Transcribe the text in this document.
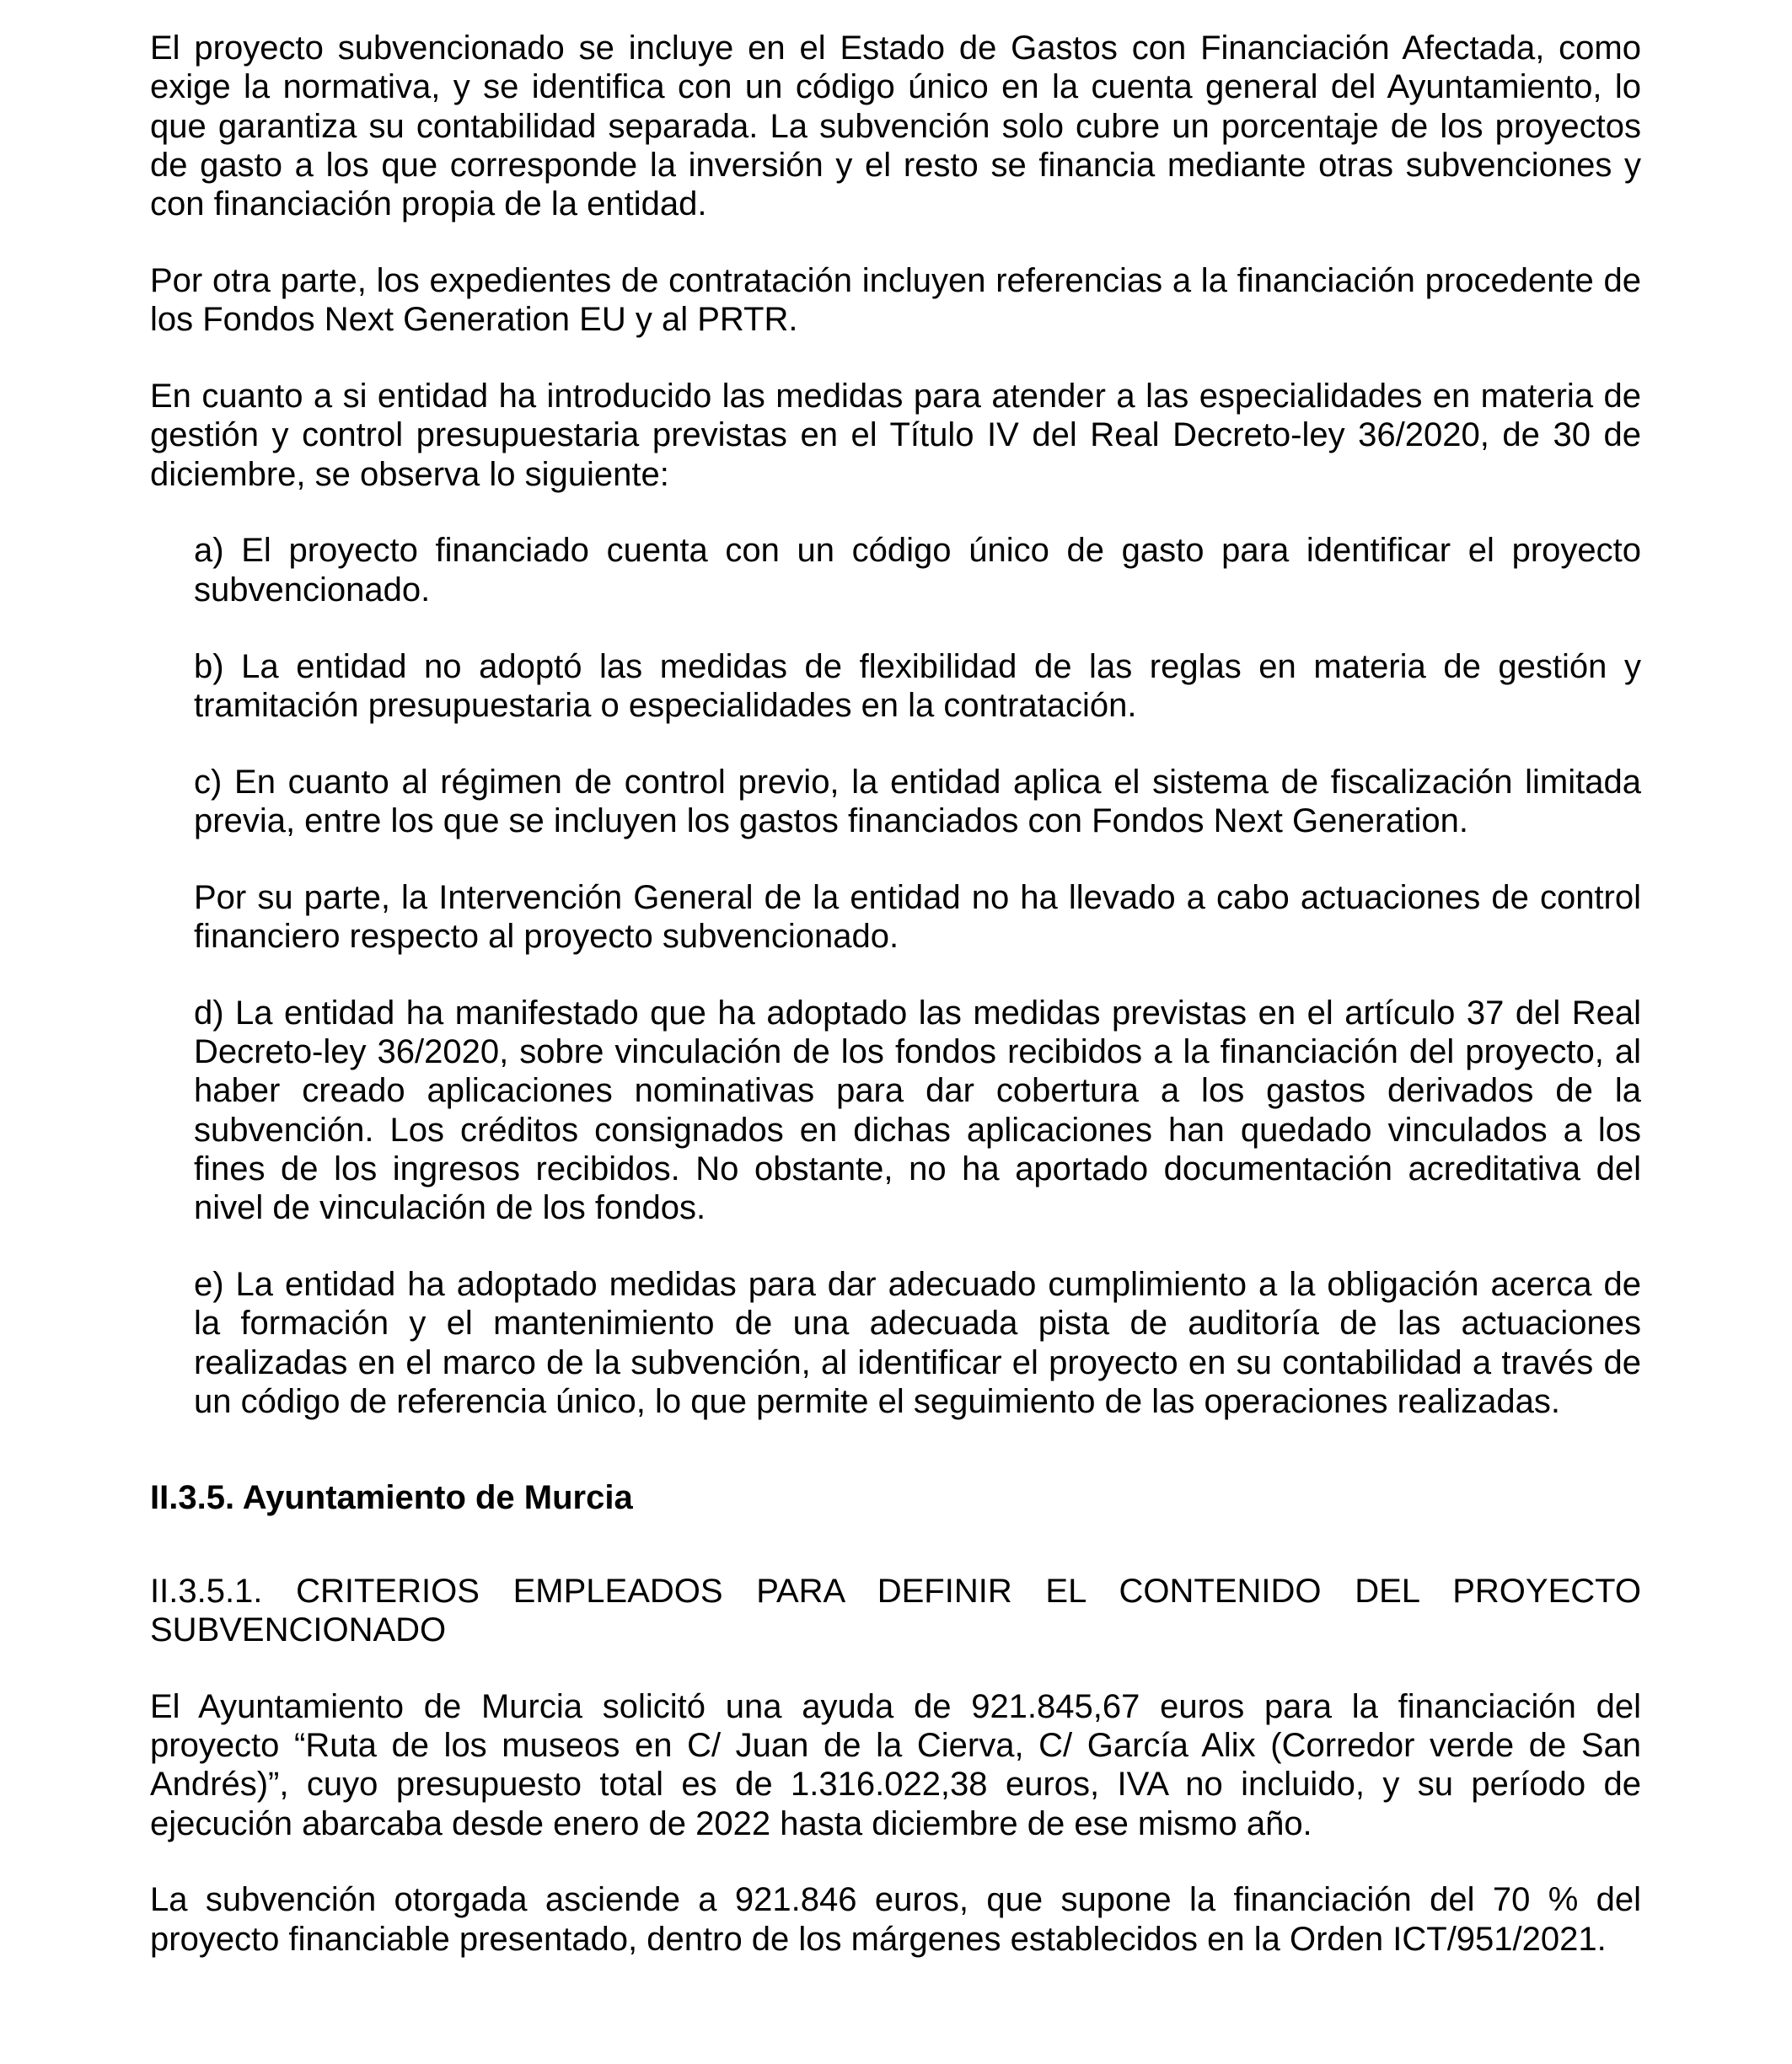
El proyecto subvencionado se incluye en el Estado de Gastos con Financiación Afectada, como exige la normativa, y se identifica con un código único en la cuenta general del Ayuntamiento, lo que garantiza su contabilidad separada. La subvención solo cubre un porcentaje de los proyectos de gasto a los que corresponde la inversión y el resto se financia mediante otras subvenciones y con financiación propia de la entidad.

Por otra parte, los expedientes de contratación incluyen referencias a la financiación procedente de los Fondos Next Generation EU y al PRTR.

En cuanto a si entidad ha introducido las medidas para atender a las especialidades en materia de gestión y control presupuestaria previstas en el Título IV del Real Decreto-ley 36/2020, de 30 de diciembre, se observa lo siguiente:

a) El proyecto financiado cuenta con un código único de gasto para identificar el proyecto subvencionado.

b) La entidad no adoptó las medidas de flexibilidad de las reglas en materia de gestión y tramitación presupuestaria o especialidades en la contratación.

c) En cuanto al régimen de control previo, la entidad aplica el sistema de fiscalización limitada previa, entre los que se incluyen los gastos financiados con Fondos Next Generation.

Por su parte, la Intervención General de la entidad no ha llevado a cabo actuaciones de control financiero respecto al proyecto subvencionado.

d) La entidad ha manifestado que ha adoptado las medidas previstas en el artículo 37 del Real Decreto-ley 36/2020, sobre vinculación de los fondos recibidos a la financiación del proyecto, al haber creado aplicaciones nominativas para dar cobertura a los gastos derivados de la subvención. Los créditos consignados en dichas aplicaciones han quedado vinculados a los fines de los ingresos recibidos. No obstante, no ha aportado documentación acreditativa del nivel de vinculación de los fondos.

e) La entidad ha adoptado medidas para dar adecuado cumplimiento a la obligación acerca de la formación y el mantenimiento de una adecuada pista de auditoría de las actuaciones realizadas en el marco de la subvención, al identificar el proyecto en su contabilidad a través de un código de referencia único, lo que permite el seguimiento de las operaciones realizadas.

II.3.5. Ayuntamiento de Murcia

II.3.5.1. CRITERIOS EMPLEADOS PARA DEFINIR EL CONTENIDO DEL PROYECTO SUBVENCIONADO

El Ayuntamiento de Murcia solicitó una ayuda de 921.845,67 euros para la financiación del proyecto “Ruta de los museos en C/ Juan de la Cierva, C/ García Alix (Corredor verde de San Andrés)”, cuyo presupuesto total es de 1.316.022,38 euros, IVA no incluido, y su período de ejecución abarcaba desde enero de 2022 hasta diciembre de ese mismo año.

La subvención otorgada asciende a 921.846 euros, que supone la financiación del 70 % del proyecto financiable presentado, dentro de los márgenes establecidos en la Orden ICT/951/2021.
